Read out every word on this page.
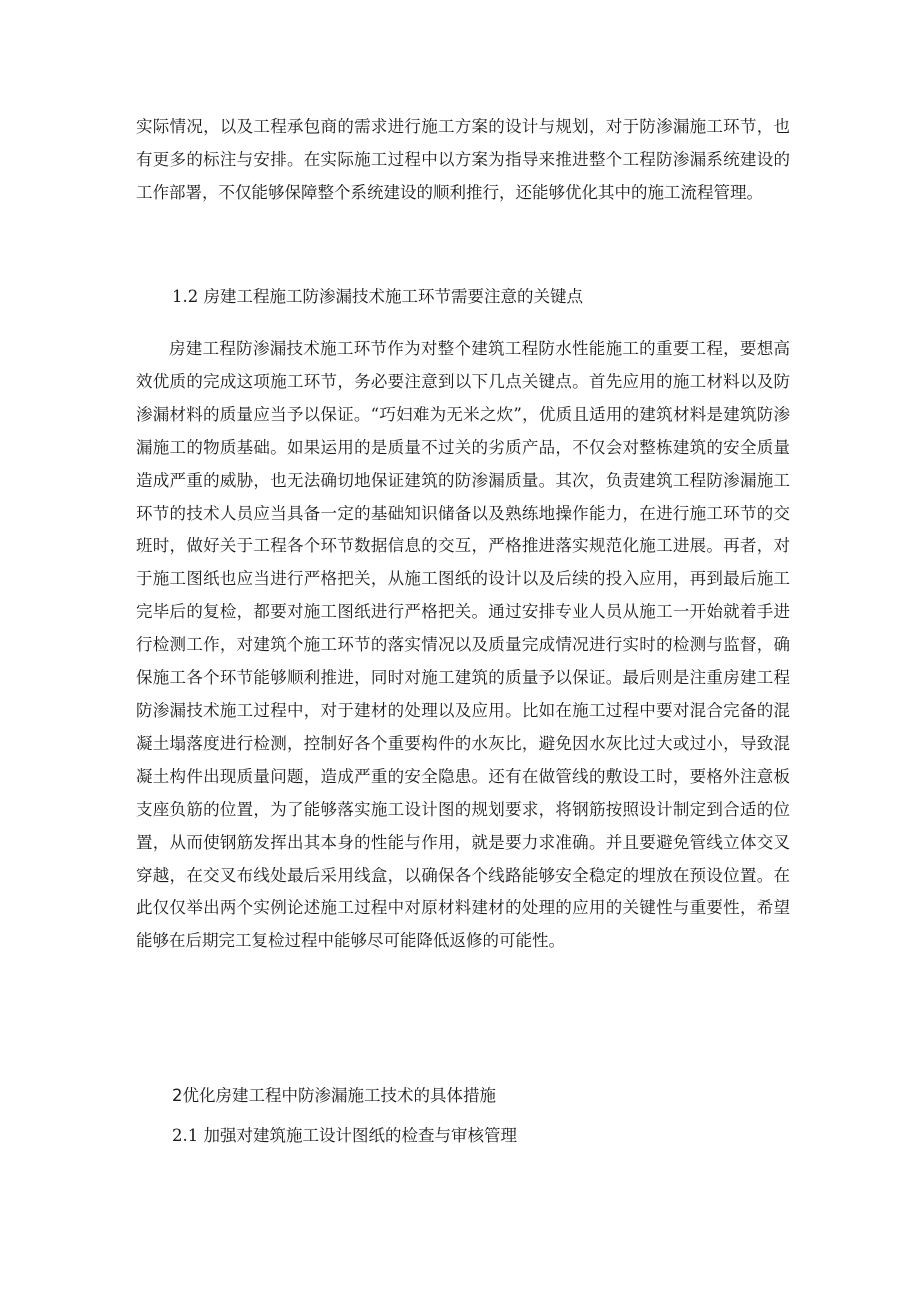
实际情况，以及工程承包商的需求进行施工方案的设计与规划，对于防渗漏施工环节，也有更多的标注与安排。在实际施工过程中以方案为指导来推进整个工程防渗漏系统建设的工作部署，不仅能够保障整个系统建设的顺利推行，还能够优化其中的施工流程管理。

1.2 房建工程施工防渗漏技术施工环节需要注意的关键点

房建工程防渗漏技术施工环节作为对整个建筑工程防水性能施工的重要工程，要想高效优质的完成这项施工环节，务必要注意到以下几点关键点。首先应用的施工材料以及防渗漏材料的质量应当予以保证。“巧妇难为无米之炊”，优质且适用的建筑材料是建筑防渗漏施工的物质基础。如果运用的是质量不过关的劣质产品，不仅会对整栋建筑的安全质量造成严重的威胁，也无法确切地保证建筑的防渗漏质量。其次，负责建筑工程防渗漏施工环节的技术人员应当具备一定的基础知识储备以及熟练地操作能力，在进行施工环节的交班时，做好关于工程各个环节数据信息的交互，严格推进落实规范化施工进展。再者，对于施工图纸也应当进行严格把关，从施工图纸的设计以及后续的投入应用，再到最后施工完毕后的复检，都要对施工图纸进行严格把关。通过安排专业人员从施工一开始就着手进行检测工作，对建筑个施工环节的落实情况以及质量完成情况进行实时的检测与监督，确保施工各个环节能够顺利推进，同时对施工建筑的质量予以保证。最后则是注重房建工程防渗漏技术施工过程中，对于建材的处理以及应用。比如在施工过程中要对混合完备的混凝土塌落度进行检测，控制好各个重要构件的水灰比，避免因水灰比过大或过小，导致混凝土构件出现质量问题，造成严重的安全隐患。还有在做管线的敷设工时，要格外注意板支座负筋的位置，为了能够落实施工设计图的规划要求，将钢筋按照设计制定到合适的位置，从而使钢筋发挥出其本身的性能与作用，就是要力求准确。并且要避免管线立体交叉穿越，在交叉布线处最后采用线盒，以确保各个线路能够安全稳定的埋放在预设位置。在此仅仅举出两个实例论述施工过程中对原材料建材的处理的应用的关键性与重要性，希望能够在后期完工复检过程中能够尽可能降低返修的可能性。

2优化房建工程中防渗漏施工技术的具体措施

2.1 加强对建筑施工设计图纸的检查与审核管理
